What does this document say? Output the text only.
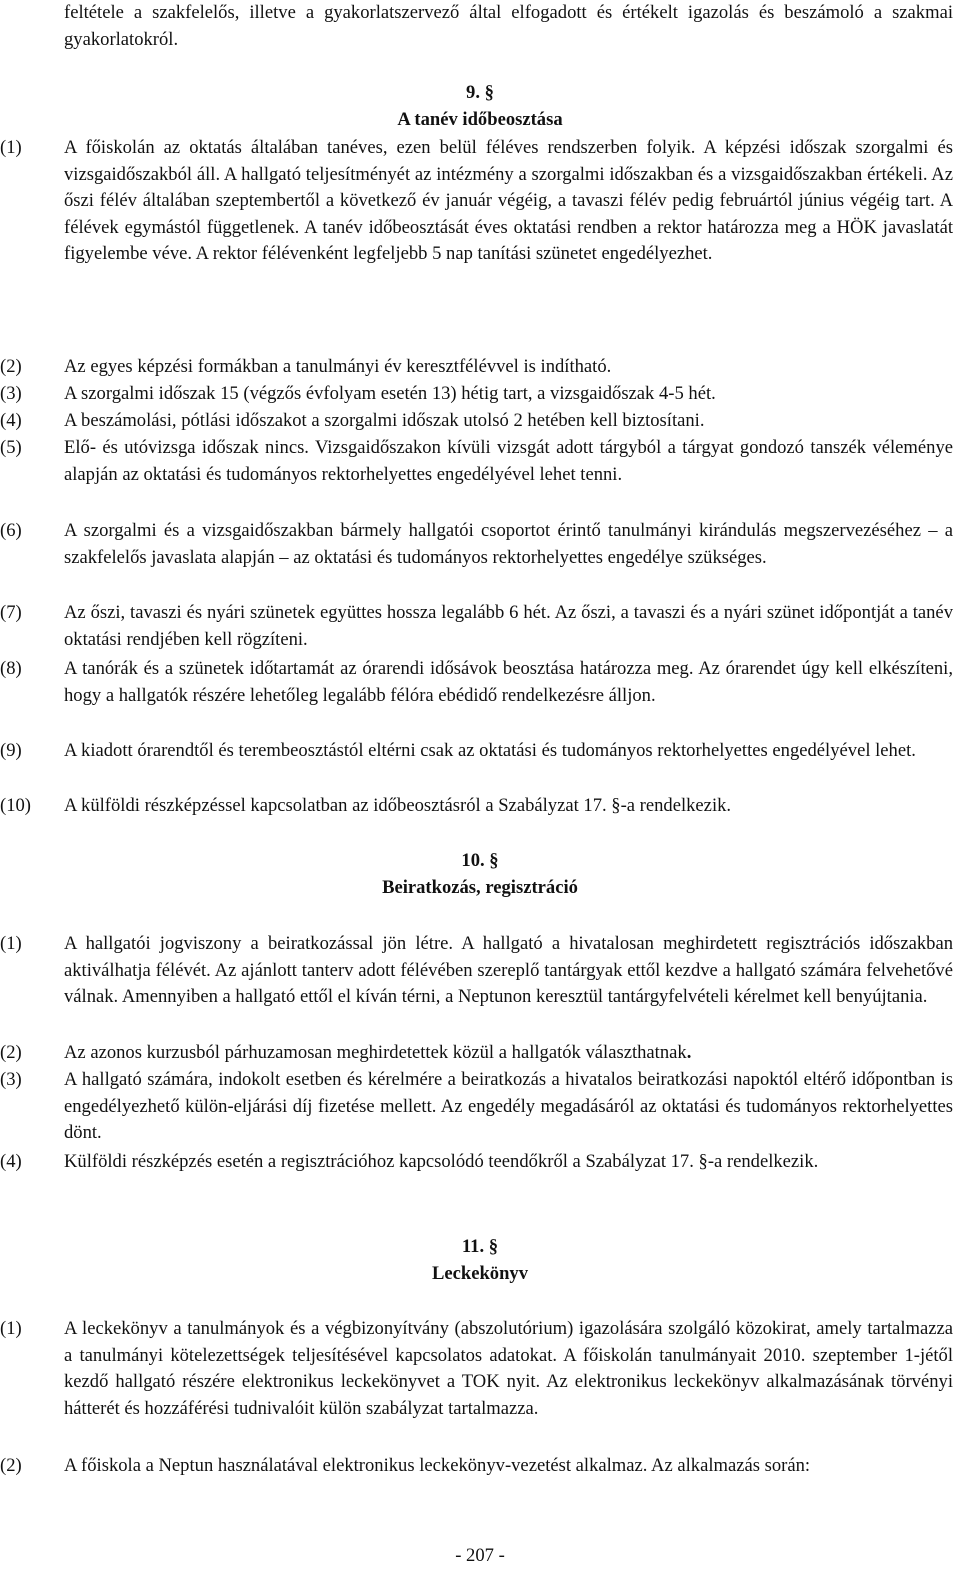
feltétele a szakfelelős, illetve a gyakorlatszervező által elfogadott és értékelt igazolás és beszámoló a szakmai gyakorlatokról.
9. §
A tanév időbeosztása
(1)	A főiskolán az oktatás általában tanéves, ezen belül féléves rendszerben folyik. A képzési időszak szorgalmi és vizsgaidőszakból áll. A hallgató teljesítményét az intézmény a szorgalmi időszakban és a vizsgaidőszakban értékeli. Az őszi félév általában szeptembertől a következő év január végéig, a tavaszi félév pedig februártól június végéig tart. A félévek egymástól függetlenek. A tanév időbeosztását éves oktatási rendben a rektor határozza meg a HÖK javaslatát figyelembe véve. A rektor félévenként legfeljebb 5 nap tanítási szünetet engedélyezhet.
(2)	Az egyes képzési formákban a tanulmányi év keresztfélévvel is indítható.
(3)	A szorgalmi időszak 15 (végzős évfolyam esetén 13) hétig tart, a vizsgaidőszak 4-5 hét.
(4)	A beszámolási, pótlási időszakot a szorgalmi időszak utolsó 2 hetében kell biztosítani.
(5)	Elő- és utóvizsga időszak nincs. Vizsgaidőszakon kívüli vizsgát adott tárgyból a tárgyat gondozó tanszék véleménye alapján az oktatási és tudományos rektorhelyettes engedélyével lehet tenni.
(6)	A szorgalmi és a vizsgaidőszakban bármely hallgatói csoportot érintő tanulmányi kirándulás megszervezéséhez – a szakfelelős javaslata alapján – az oktatási és tudományos rektorhelyettes engedélye szükséges.
(7)	Az őszi, tavaszi és nyári szünetek együttes hossza legalább 6 hét. Az őszi, a tavaszi és a nyári szünet időpontját a tanév oktatási rendjében kell rögzíteni.
(8)	A tanórák és a szünetek időtartamát az órarendi idősávok beosztása határozza meg. Az órarendet úgy kell elkészíteni, hogy a hallgatók részére lehetőleg legalább félóra ebédidő rendelkezésre álljon.
(9)	A kiadott órarendtől és terembeosztástól eltérni csak az oktatási és tudományos rektorhelyettes engedélyével lehet.
(10)	A külföldi részképzéssel kapcsolatban az időbeosztásról a Szabályzat 17. §-a rendelkezik.
10. §
Beiratkozás, regisztráció
(1)	A hallgatói jogviszony a beiratkozással jön létre. A hallgató a hivatalosan meghirdetett regisztrációs időszakban aktiválhatja félévét. Az ajánlott tanterv adott félévében szereplő tantárgyak ettől kezdve a hallgató számára felvehetővé válnak. Amennyiben a hallgató ettől el kíván térni, a Neptunon keresztül tantárgyfelvételi kérelmet kell benyújtania.
(2)	Az azonos kurzusból párhuzamosan meghirdetettek közül a hallgatók választhatnak.
(3)	A hallgató számára, indokolt esetben és kérelmére a beiratkozás a hivatalos beiratkozási napoktól eltérő időpontban is engedélyezhető külön-eljárási díj fizetése mellett. Az engedély megadásáról az oktatási és tudományos rektorhelyettes dönt.
(4)	Külföldi részképzés esetén a regisztrációhoz kapcsolódó teendőkről a Szabályzat 17. §-a rendelkezik.
11. §
Leckekönyv
(1)	A leckekönyv a tanulmányok és a végbizonyítvány (abszolutórium) igazolására szolgáló közokirat, amely tartalmazza a tanulmányi kötelezettségek teljesítésével kapcsolatos adatokat. A főiskolán tanulmányait 2010. szeptember 1-jétől kezdő hallgató részére elektronikus leckekönyvet a TOK nyit. Az elektronikus leckekönyv alkalmazásának törvényi hátterét és hozzáférési tudnivalóit külön szabályzat tartalmazza.
(2)	A főiskola a Neptun használatával elektronikus leckekönyv-vezetést alkalmaz. Az alkalmazás során:
- 207 -
